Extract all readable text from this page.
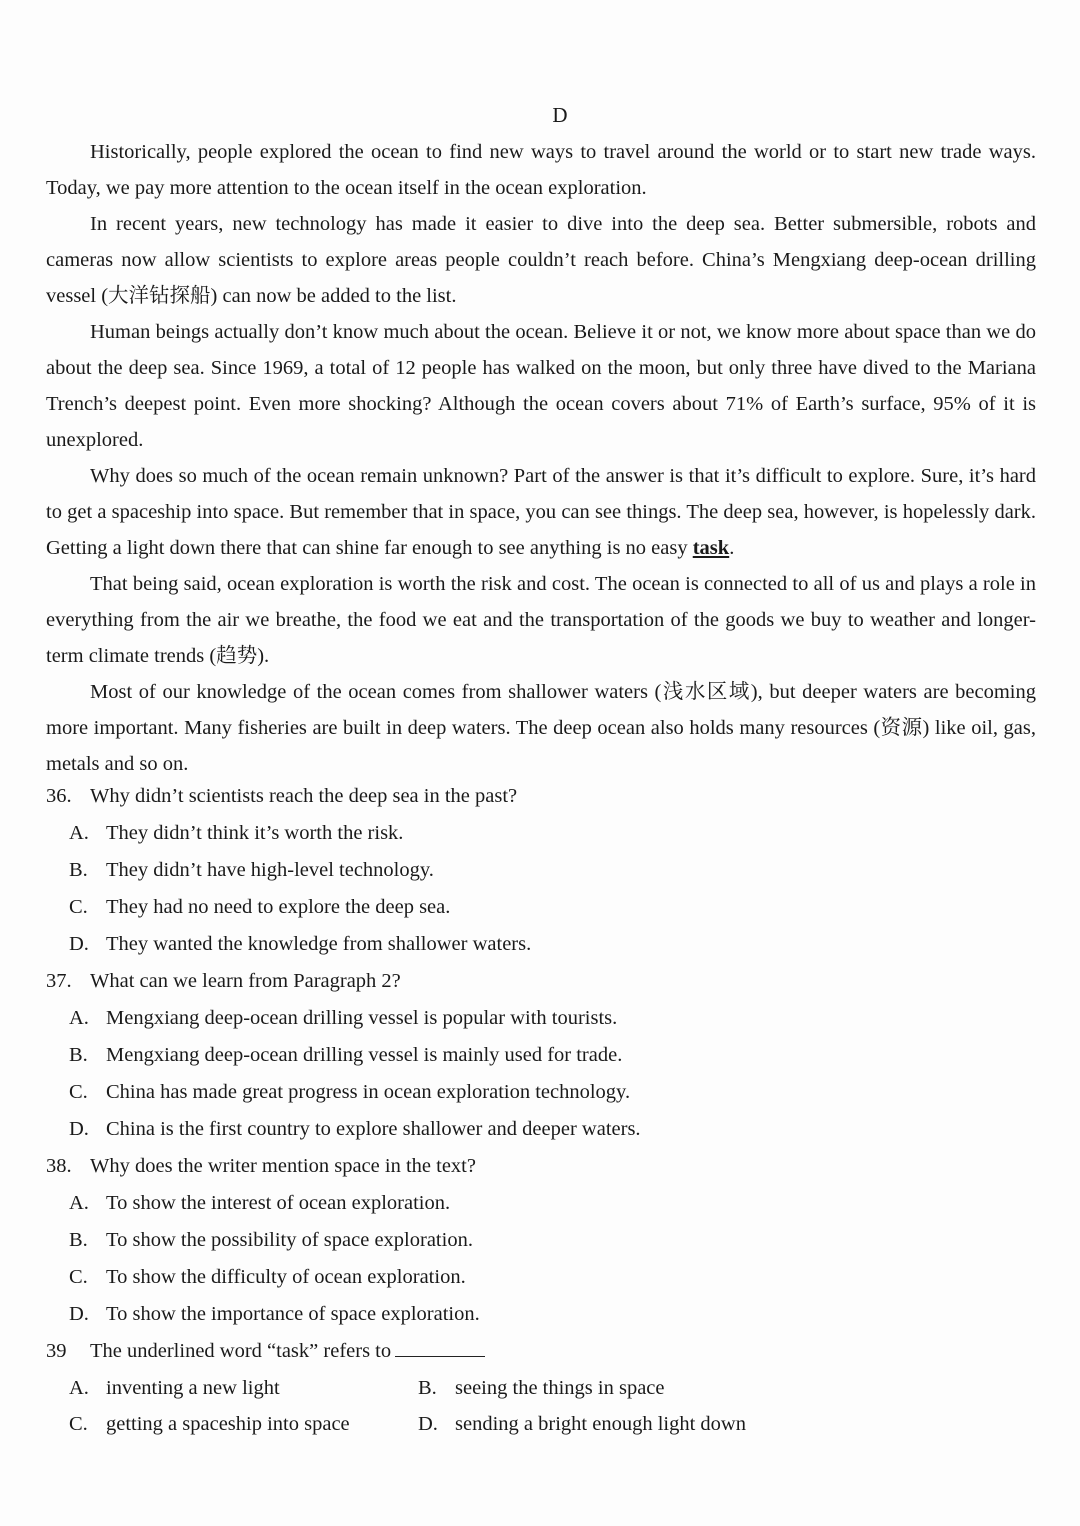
D

Historically, people explored the ocean to find new ways to travel around the world or to start new trade ways. Today, we pay more attention to the ocean itself in the ocean exploration.

In recent years, new technology has made it easier to dive into the deep sea. Better submersible, robots and cameras now allow scientists to explore areas people couldn’t reach before. China’s Mengxiang deep-ocean drilling vessel (大洋钻探船) can now be added to the list.

Human beings actually don’t know much about the ocean. Believe it or not, we know more about space than we do about the deep sea. Since 1969, a total of 12 people has walked on the moon, but only three have dived to the Mariana Trench’s deepest point. Even more shocking? Although the ocean covers about 71% of Earth’s surface, 95% of it is unexplored.

Why does so much of the ocean remain unknown? Part of the answer is that it’s difficult to explore. Sure, it’s hard to get a spaceship into space. But remember that in space, you can see things. The deep sea, however, is hopelessly dark. Getting a light down there that can shine far enough to see anything is no easy task.

That being said, ocean exploration is worth the risk and cost. The ocean is connected to all of us and plays a role in everything from the air we breathe, the food we eat and the transportation of the goods we buy to weather and longer-term climate trends (趋势).

Most of our knowledge of the ocean comes from shallower waters (浅水区域), but deeper waters are becoming more important. Many fisheries are built in deep waters. The deep ocean also holds many resources (资源) like oil, gas, metals and so on.

36. Why didn’t scientists reach the deep sea in the past?
A. They didn’t think it’s worth the risk.
B. They didn’t have high-level technology.
C. They had no need to explore the deep sea.
D. They wanted the knowledge from shallower waters.
37. What can we learn from Paragraph 2?
A. Mengxiang deep-ocean drilling vessel is popular with tourists.
B. Mengxiang deep-ocean drilling vessel is mainly used for trade.
C. China has made great progress in ocean exploration technology.
D. China is the first country to explore shallower and deeper waters.
38. Why does the writer mention space in the text?
A. To show the interest of ocean exploration.
B. To show the possibility of space exploration.
C. To show the difficulty of ocean exploration.
D. To show the importance of space exploration.
39 The underlined word “task” refers to
A. inventing a new light	B. seeing the things in space
C. getting a spaceship into space	D. sending a bright enough light down
